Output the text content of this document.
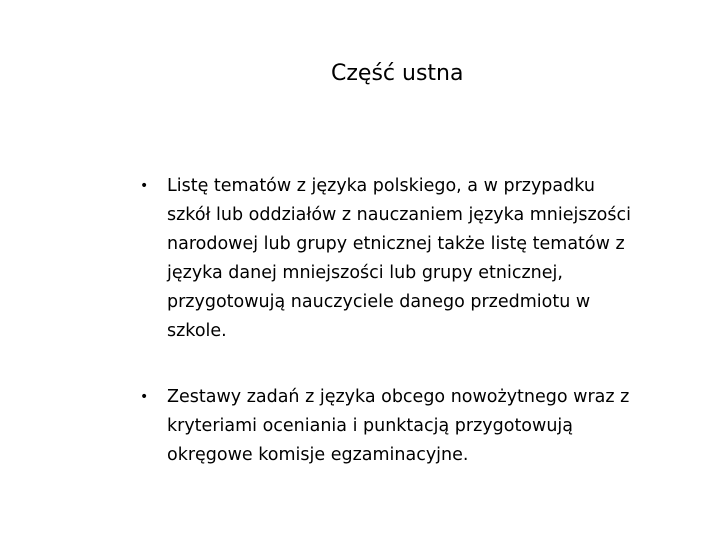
Część ustna
•	Listę tematów z języka polskiego, a w przypadku
szkół lub oddziałów z nauczaniem języka mniejszości
narodowej lub grupy etnicznej także listę tematów z
języka danej mniejszości lub grupy etnicznej,
przygotowują nauczyciele danego przedmiotu w
szkole.
•	Zestawy zadań z języka obcego nowożytnego wraz z
kryteriami oceniania i punktacją przygotowują
okręgowe komisje egzaminacyjne.
